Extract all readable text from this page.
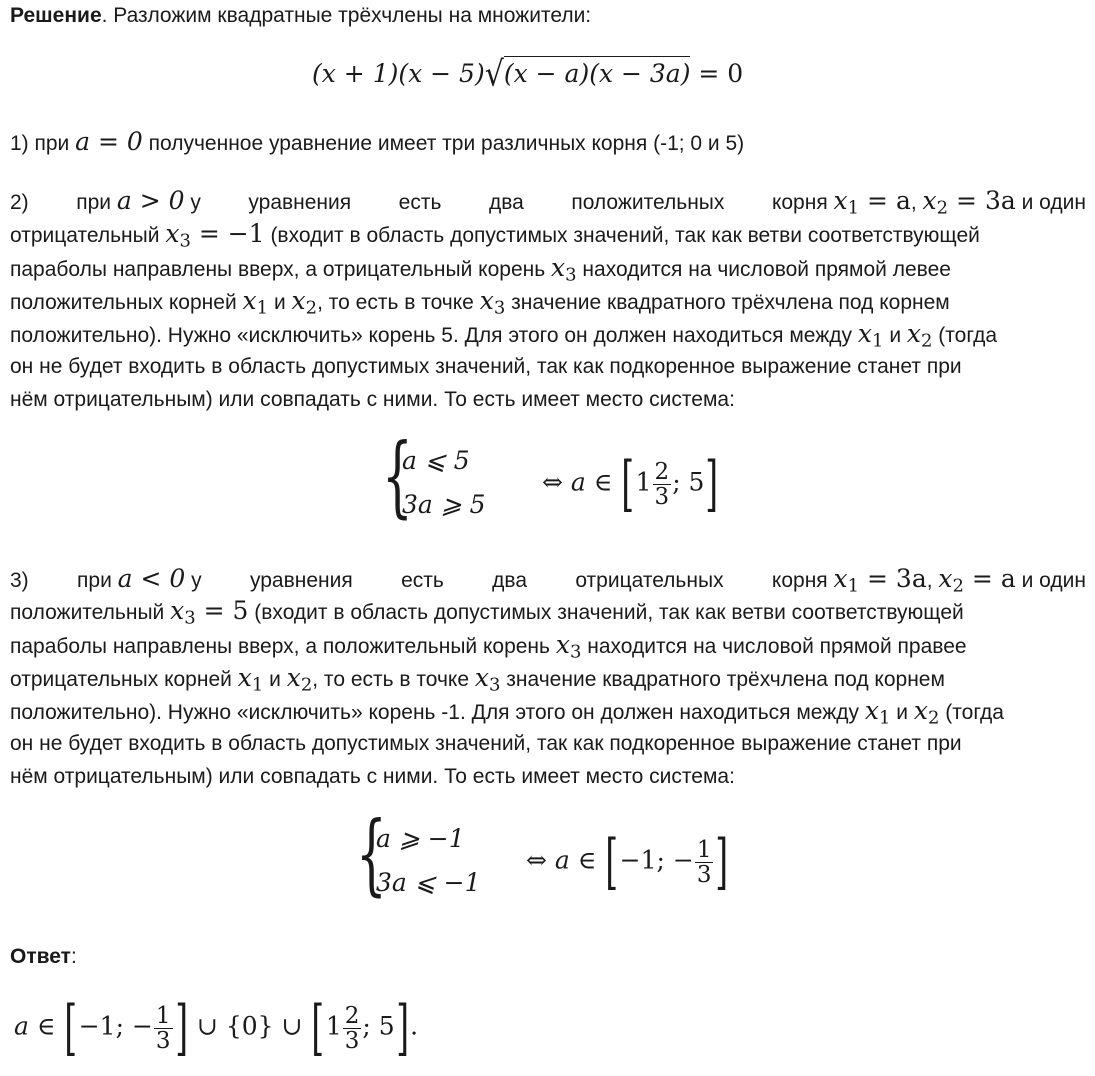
Решение. Разложим квадратные трёхчлены на множители:
(x + 1)(x − 5)√(x − a)(x − 3a) = 0
1) при a = 0 полученное уравнение имеет три различных корня (-1; 0 и 5)
2) при a > 0 у уравнения есть два положительных корня $x_1 = a$, $x_2 = 3a$ и один
отрицательный $x_3 = -1$ (входит в область допустимых значений, так как ветви соответствующей
параболы направлены вверх, а отрицательный корень $x_3$ находится на числовой прямой левее
положительных корней $x_1$ и $x_2$, то есть в точке $x_3$ значение квадратного трёхчлена под корнем
положительно). Нужно «исключить» корень 5. Для этого он должен находиться между $x_1$ и $x_2$ (тогда
он не будет входить в область допустимых значений, так как подкоренное выражение станет при
нём отрицательным) или совпадать с ними. То есть имеет место система:
{
a ⩽ 5
3a ⩾ 5
⇔ a ∈ [$1 \frac{2}{3}$ ; 5]
3) при a < 0 у уравнения есть два отрицательных корня $x_1 = 3a$, $x_2 = a$ и один
положительный $x_3 = 5$ (входит в область допустимых значений, так как ветви соответствующей
параболы направлены вверх, а положительный корень $x_3$ находится на числовой прямой правее
отрицательных корней $x_1$ и $x_2$, то есть в точке $x_3$ значение квадратного трёхчлена под корнем
положительно). Нужно «исключить» корень -1. Для этого он должен находиться между $x_1$ и $x_2$ (тогда
он не будет входить в область допустимых значений, так как подкоренное выражение станет при
нём отрицательным) или совпадать с ними. То есть имеет место система:
{
a ⩾ −1
3a ⩽ −1
⇔ a ∈ [−1; − $\frac{1}{3}$ ]
Ответ:
a ∈ [−1; − $\frac{1}{3}$ ] ∪ {0} ∪ [$1 \frac{2}{3}$ ; 5].
